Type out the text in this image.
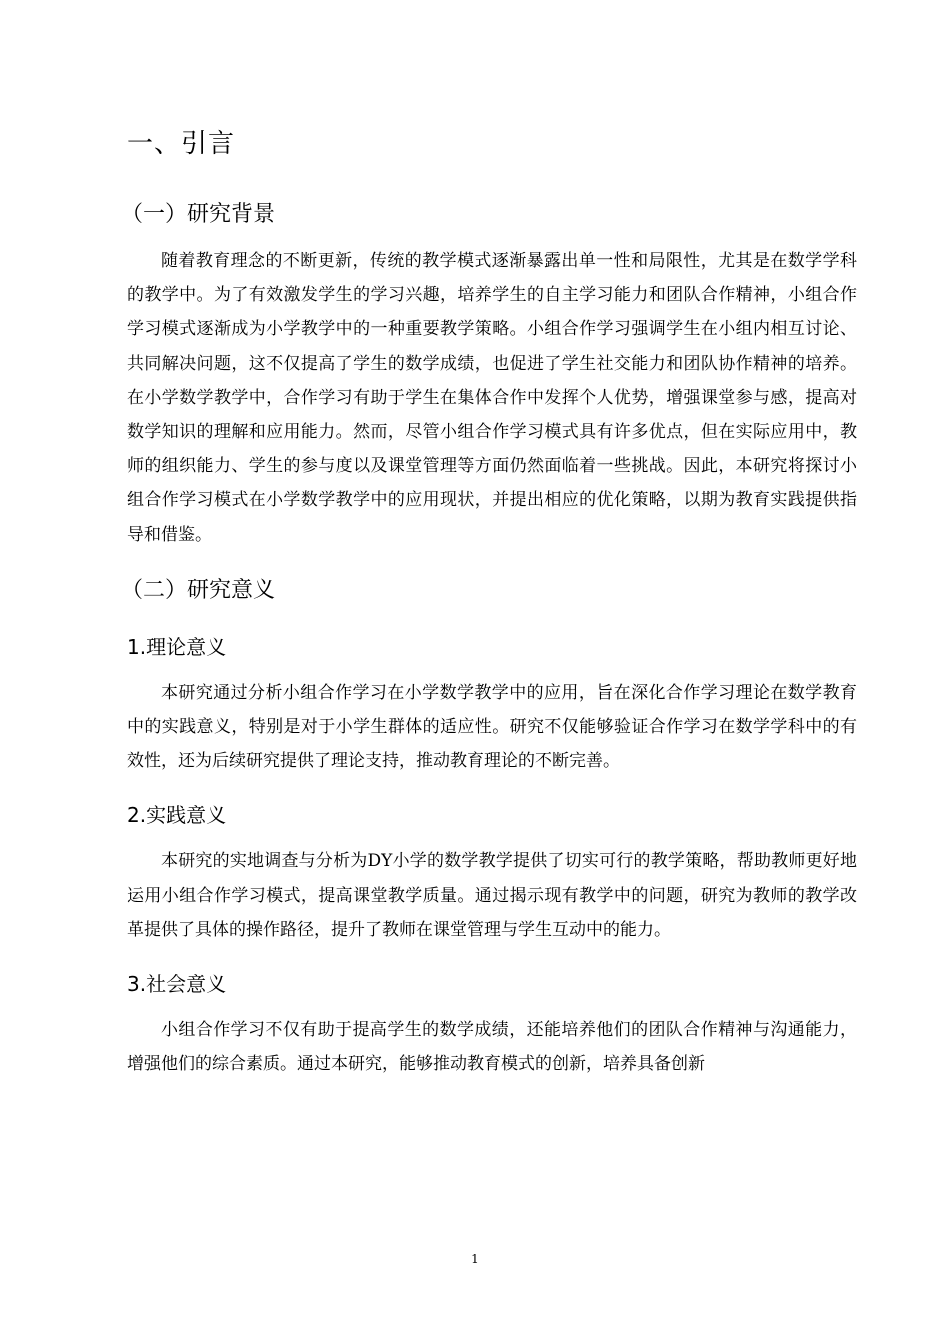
一、引言
（一）研究背景

随着教育理念的不断更新，传统的教学模式逐渐暴露出单一性和局限性，尤其是在数学学科的教学中。为了有效激发学生的学习兴趣，培养学生的自主学习能力和团队合作精神，小组合作学习模式逐渐成为小学教学中的一种重要教学策略。小组合作学习强调学生在小组内相互讨论、共同解决问题，这不仅提高了学生的数学成绩，也促进了学生社交能力和团队协作精神的培养。在小学数学教学中，合作学习有助于学生在集体合作中发挥个人优势，增强课堂参与感，提高对数学知识的理解和应用能力。然而，尽管小组合作学习模式具有许多优点，但在实际应用中，教师的组织能力、学生的参与度以及课堂管理等方面仍然面临着一些挑战。因此，本研究将探讨小组合作学习模式在小学数学教学中的应用现状，并提出相应的优化策略，以期为教育实践提供指导和借鉴。

（二）研究意义
1.理论意义

本研究通过分析小组合作学习在小学数学教学中的应用，旨在深化合作学习理论在数学教育中的实践意义，特别是对于小学生群体的适应性。研究不仅能够验证合作学习在数学学科中的有效性，还为后续研究提供了理论支持，推动教育理论的不断完善。

2.实践意义

本研究的实地调查与分析为DY小学的数学教学提供了切实可行的教学策略，帮助教师更好地运用小组合作学习模式，提高课堂教学质量。通过揭示现有教学中的问题，研究为教师的教学改革提供了具体的操作路径，提升了教师在课堂管理与学生互动中的能力。

3.社会意义

小组合作学习不仅有助于提高学生的数学成绩，还能培养他们的团队合作精神与沟通能力，增强他们的综合素质。通过本研究，能够推动教育模式的创新，培养具备创新

1
